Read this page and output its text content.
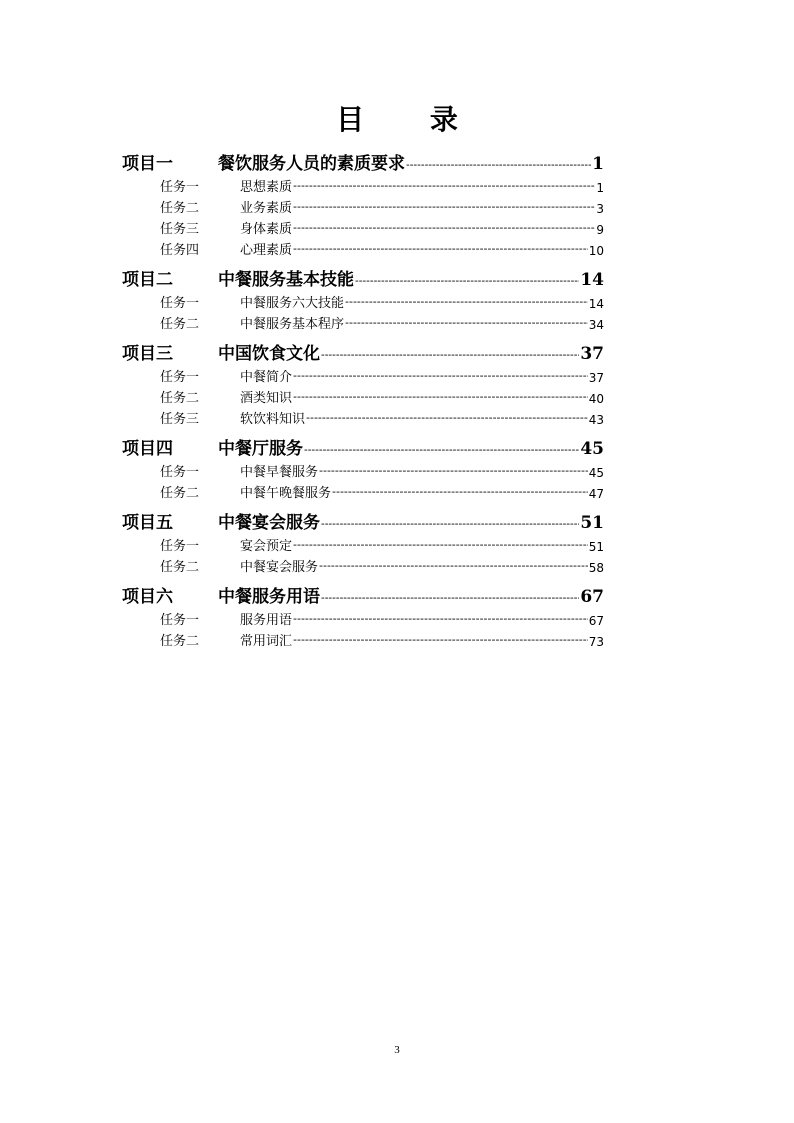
目 录
项目一	餐饮服务人员的素质要求 -----	1
任务一	思想素质 -----	1
任务二	业务素质 -----	3
任务三	身体素质 -----	9
任务四	心理素质 -----	10
项目二	中餐服务基本技能 -----	14
任务一	中餐服务六大技能 -----	14
任务二	中餐服务基本程序 -----	34
项目三	中国饮食文化 -----	37
任务一	中餐简介 -----	37
任务二	酒类知识 -----	40
任务三	软饮料知识 -----	43
项目四	中餐厅服务 -----	45
任务一	中餐早餐服务 -----	45
任务二	中餐午晚餐服务 -----	47
项目五	中餐宴会服务 -----	51
任务一	宴会预定 -----	51
任务二	中餐宴会服务 -----	58
项目六	中餐服务用语 -----	67
任务一	服务用语 -----	67
任务二	常用词汇 -----	73
3
